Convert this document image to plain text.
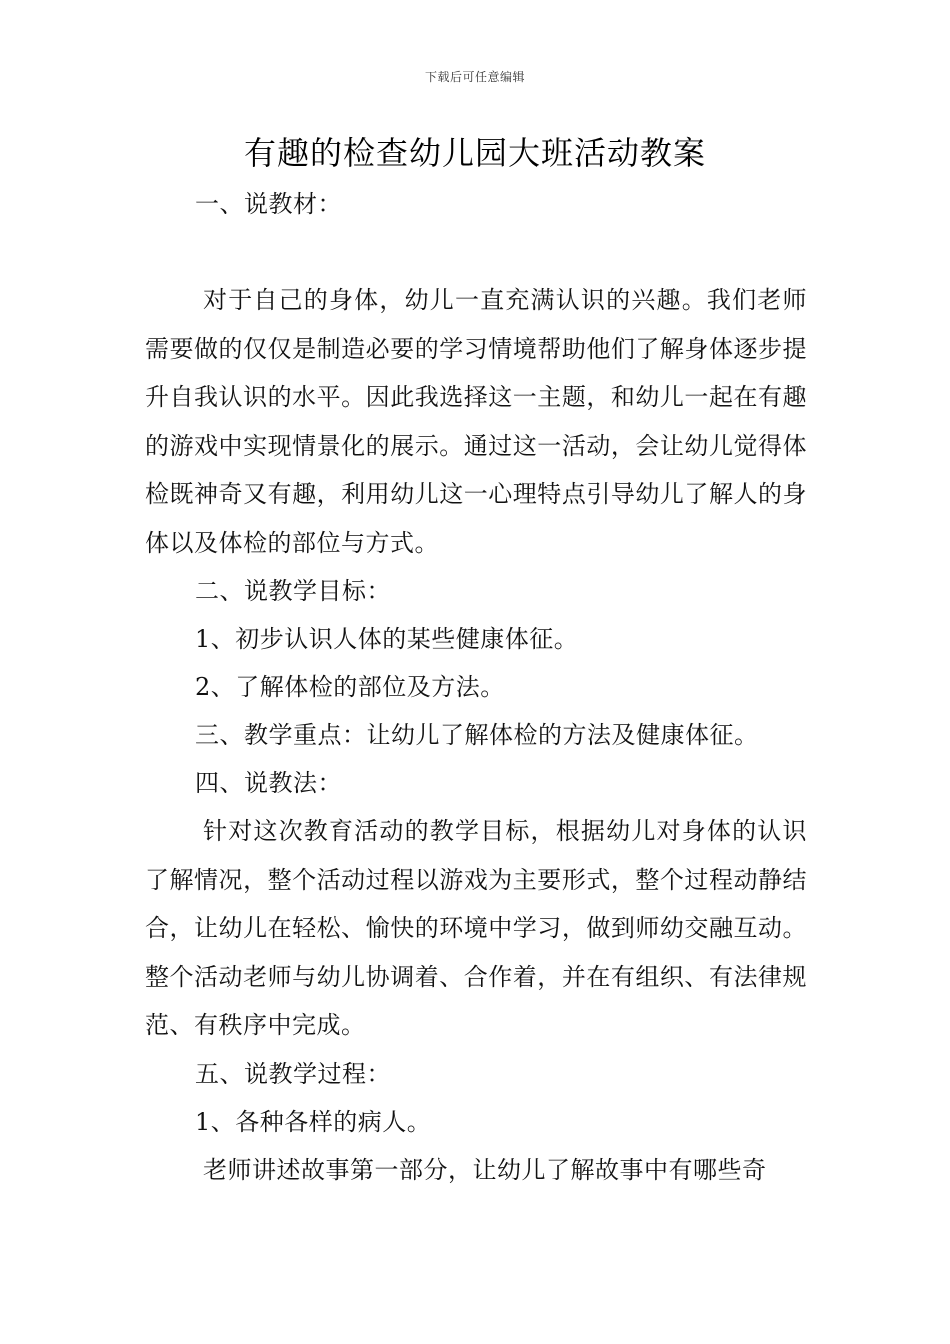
下载后可任意编辑
有趣的检查幼儿园大班活动教案

一、说教材：

对于自己的身体，幼儿一直充满认识的兴趣。我们老师需要做的仅仅是制造必要的学习情境帮助他们了解身体逐步提升自我认识的水平。因此我选择这一主题，和幼儿一起在有趣的游戏中实现情景化的展示。通过这一活动，会让幼儿觉得体检既神奇又有趣，利用幼儿这一心理特点引导幼儿了解人的身体以及体检的部位与方式。

二、说教学目标：

1、初步认识人体的某些健康体征。

2、了解体检的部位及方法。

三、教学重点：让幼儿了解体检的方法及健康体征。

四、说教法：

针对这次教育活动的教学目标，根据幼儿对身体的认识了解情况，整个活动过程以游戏为主要形式，整个过程动静结合，让幼儿在轻松、愉快的环境中学习，做到师幼交融互动。整个活动老师与幼儿协调着、合作着，并在有组织、有法律规范、有秩序中完成。

五、说教学过程：

1、各种各样的病人。

老师讲述故事第一部分，让幼儿了解故事中有哪些奇
